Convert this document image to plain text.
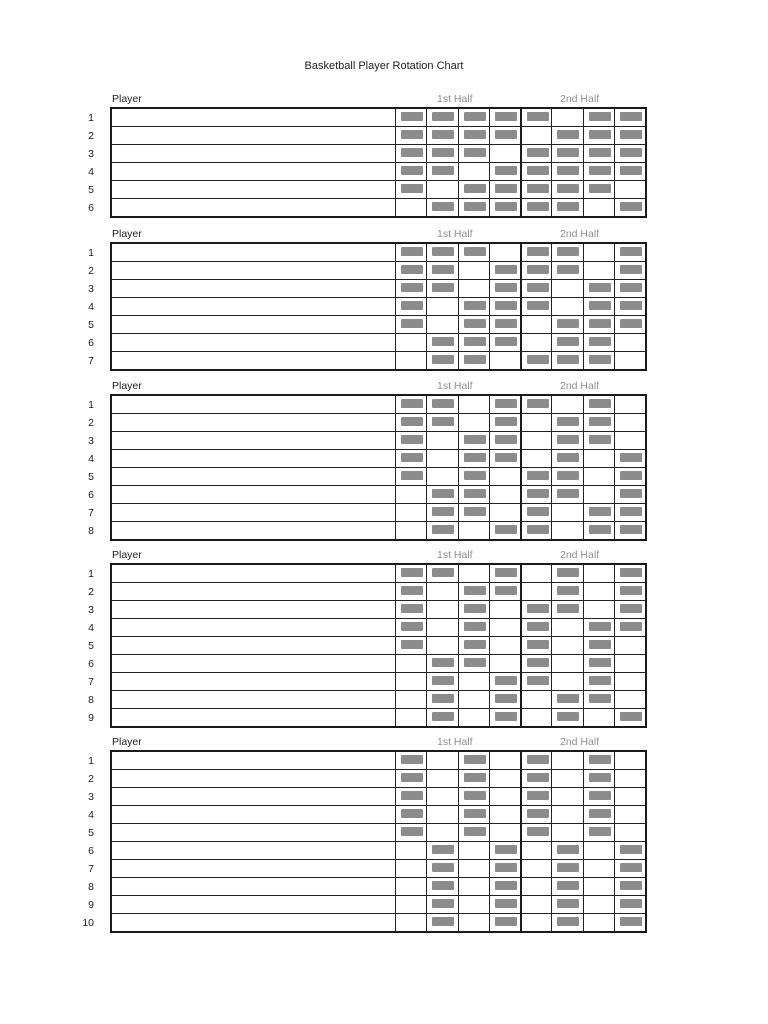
Basketball Player Rotation Chart
Player	1st Half	2nd Half
1
2
3
4
5
6
Player	1st Half	2nd Half
1
2
3
4
5
6
7
Player	1st Half	2nd Half
1
2
3
4
5
6
7
8
Player	1st Half	2nd Half
1
2
3
4
5
6
7
8
9
Player	1st Half	2nd Half
1
2
3
4
5
6
7
8
9
10
